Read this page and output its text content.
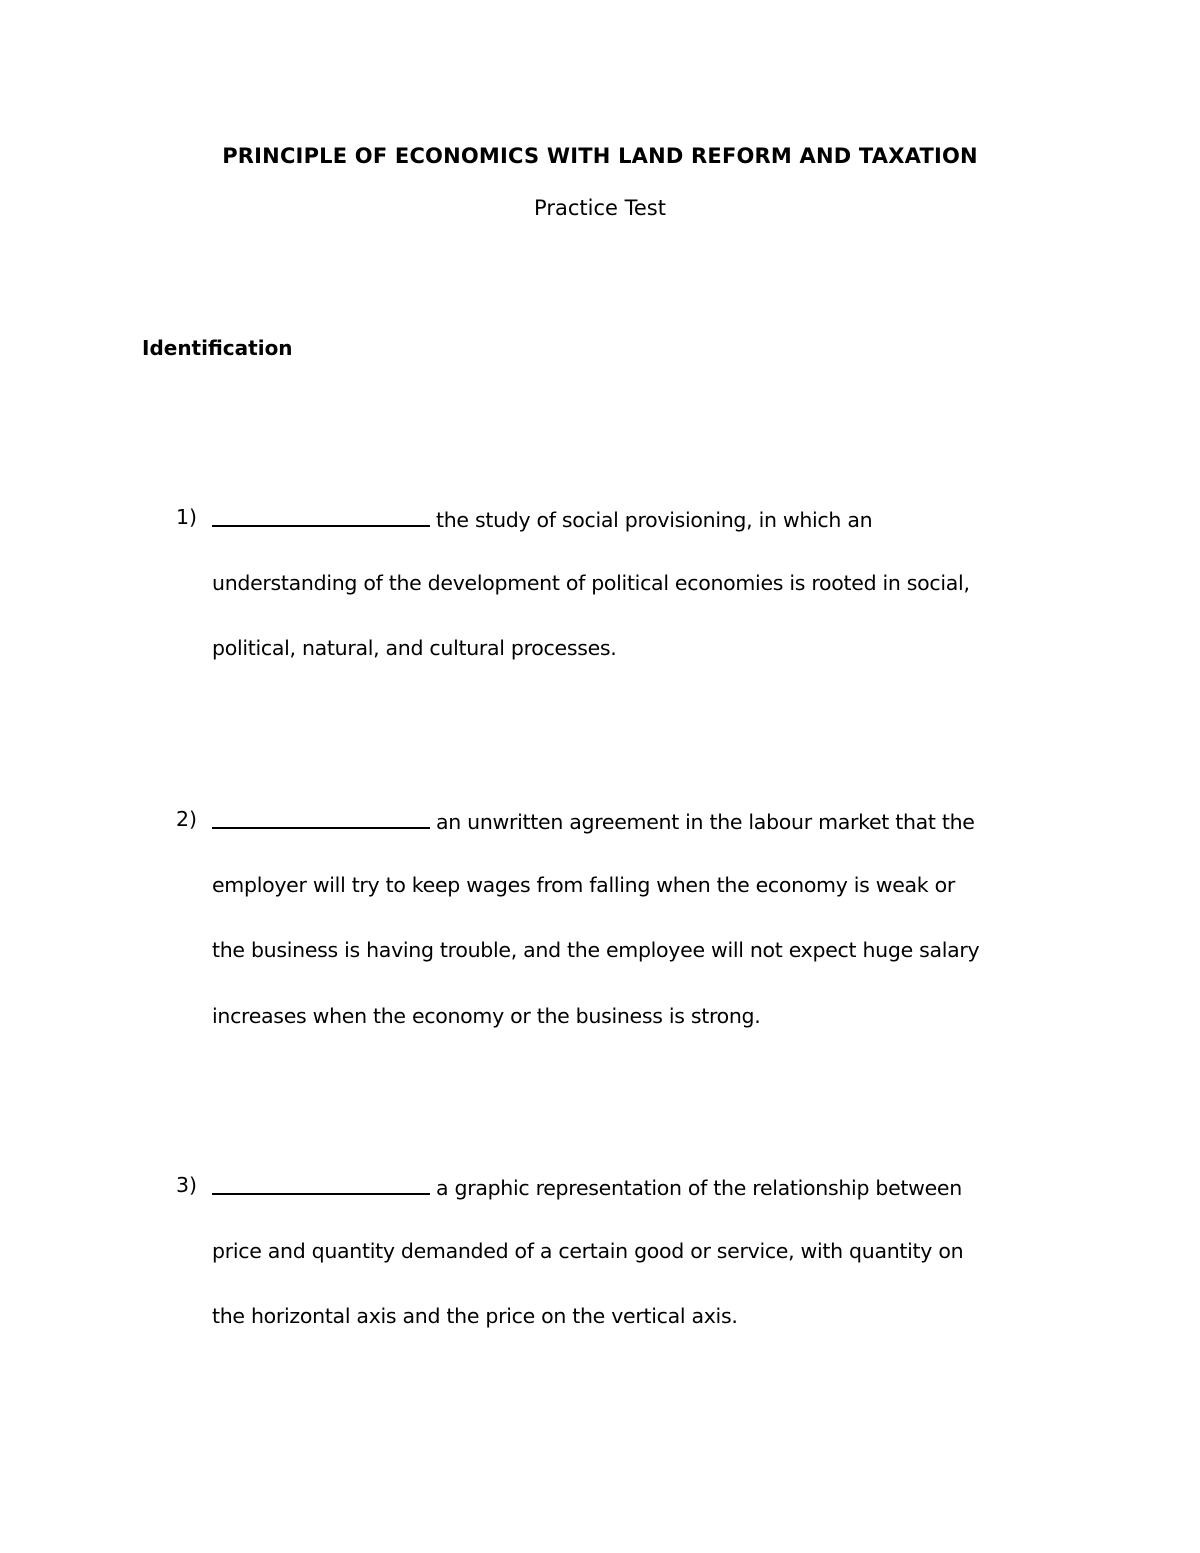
PRINCIPLE OF ECONOMICS WITH LAND REFORM AND TAXATION
Practice Test
Identification
1)	the study of social provisioning, in which an
understanding of the development of political economies is rooted in social,
political, natural, and cultural processes.
2)	an unwritten agreement in the labour market that the
employer will try to keep wages from falling when the economy is weak or
the business is having trouble, and the employee will not expect huge salary
increases when the economy or the business is strong.
3)	a graphic representation of the relationship between
price and quantity demanded of a certain good or service, with quantity on
the horizontal axis and the price on the vertical axis.
